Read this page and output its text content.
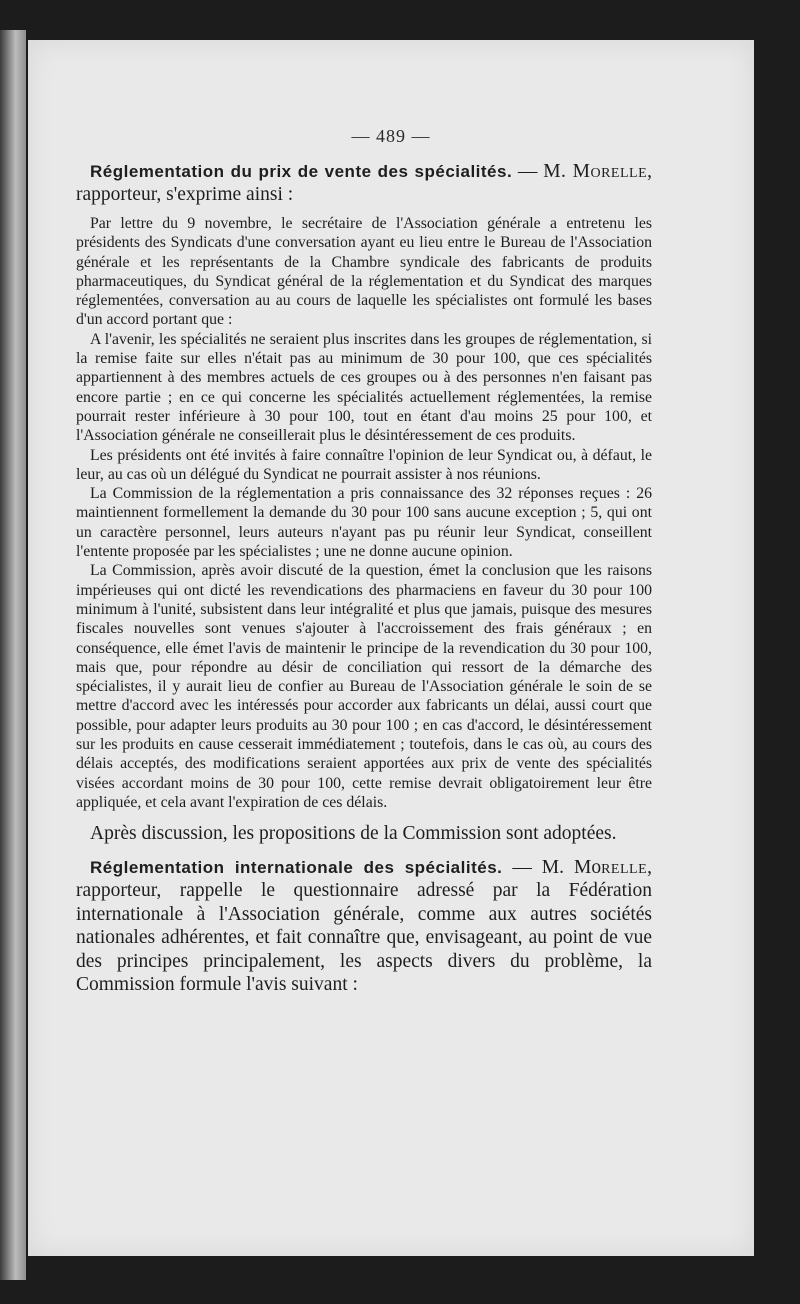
— 489 —

Réglementation du prix de vente des spécialités. — M. Morelle, rapporteur, s'exprime ainsi :

Par lettre du 9 novembre, le secrétaire de l'Association générale a entretenu les présidents des Syndicats d'une conversation ayant eu lieu entre le Bureau de l'Association générale et les représentants de la Chambre syndicale des fabricants de produits pharmaceutiques, du Syndicat général de la réglementation et du Syndicat des marques réglementées, conversation au au cours de laquelle les spécialistes ont formulé les bases d'un accord portant que :

A l'avenir, les spécialités ne seraient plus inscrites dans les groupes de réglementation, si la remise faite sur elles n'était pas au minimum de 30 pour 100, que ces spécialités appartiennent à des membres actuels de ces groupes ou à des personnes n'en faisant pas encore partie ; en ce qui concerne les spécialités actuellement réglementées, la remise pourrait rester inférieure à 30 pour 100, tout en étant d'au moins 25 pour 100, et l'Association générale ne conseillerait plus le désintéressement de ces produits.

Les présidents ont été invités à faire connaître l'opinion de leur Syndicat ou, à défaut, le leur, au cas où un délégué du Syndicat ne pourrait assister à nos réunions.

La Commission de la réglementation a pris connaissance des 32 réponses reçues : 26 maintiennent formellement la demande du 30 pour 100 sans aucune exception ; 5, qui ont un caractère personnel, leurs auteurs n'ayant pas pu réunir leur Syndicat, conseillent l'entente proposée par les spécialistes ; une ne donne aucune opinion.

La Commission, après avoir discuté de la question, émet la conclusion que les raisons impérieuses qui ont dicté les revendications des pharmaciens en faveur du 30 pour 100 minimum à l'unité, subsistent dans leur intégralité et plus que jamais, puisque des mesures fiscales nouvelles sont venues s'ajouter à l'accroissement des frais généraux ; en conséquence, elle émet l'avis de maintenir le principe de la revendication du 30 pour 100, mais que, pour répondre au désir de conciliation qui ressort de la démarche des spécialistes, il y aurait lieu de confier au Bureau de l'Association générale le soin de se mettre d'accord avec les intéressés pour accorder aux fabricants un délai, aussi court que possible, pour adapter leurs produits au 30 pour 100 ; en cas d'accord, le désintéressement sur les produits en cause cesserait immédiatement ; toutefois, dans le cas où, au cours des délais acceptés, des modifications seraient apportées aux prix de vente des spécialités visées accordant moins de 30 pour 100, cette remise devrait obligatoirement leur être appliquée, et cela avant l'expiration de ces délais.

Après discussion, les propositions de la Commission sont adoptées.

Réglementation internationale des spécialités. — M. Morelle, rapporteur, rappelle le questionnaire adressé par la Fédération internationale à l'Association générale, comme aux autres sociétés nationales adhérentes, et fait connaître que, envisageant, au point de vue des principes principalement, les aspects divers du problème, la Commission formule l'avis suivant :
